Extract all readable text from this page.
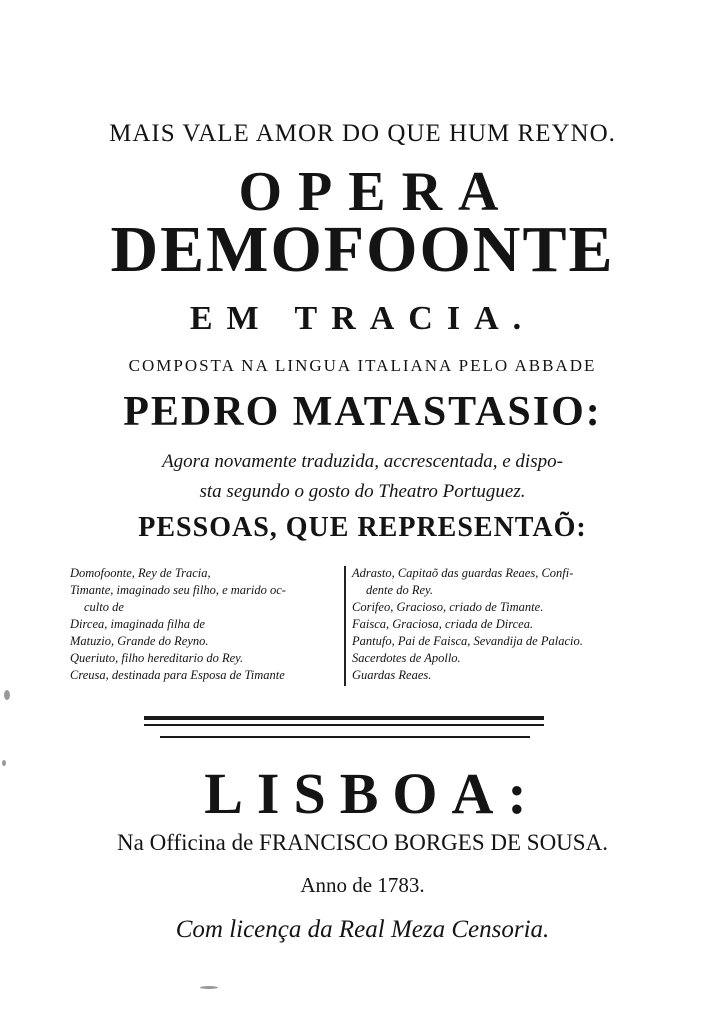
MAIS VALE AMOR DO QUE HUM REYNO.
OPERA
DEMOFOONTE
EM TRACIA.
COMPOSTA NA LINGUA ITALIANA PELO ABBADE
PEDRO MATASTASIO:
Agora novamente traduzida, accrescentada, e dispo-
sta segundo o gosto do Theatro Portuguez.
PESSOAS, QUE REPRESENTAÕ:
Domofoonte, Rey de Tracia,
Timante, imaginado seu filho, e marido oc-
culto de
Dircea, imaginada filha de
Matuzio, Grande do Reyno.
Queriuto, filho hereditario do Rey.
Creusa, destinada para Esposa de Timante
Adrasto, Capitaõ das guardas Reaes, Confi-
dente do Rey.
Corifeo, Gracioso, criado de Timante.
Faisca, Graciosa, criada de Dircea.
Pantufo, Pai de Faisca, Sevandija de Palacio.
Sacerdotes de Apollo.
Guardas Reaes.
LISBOA:
Na Officina de FRANCISCO BORGES DE SOUSA.
Anno de 1783.
Com licença da Real Meza Censoria.
